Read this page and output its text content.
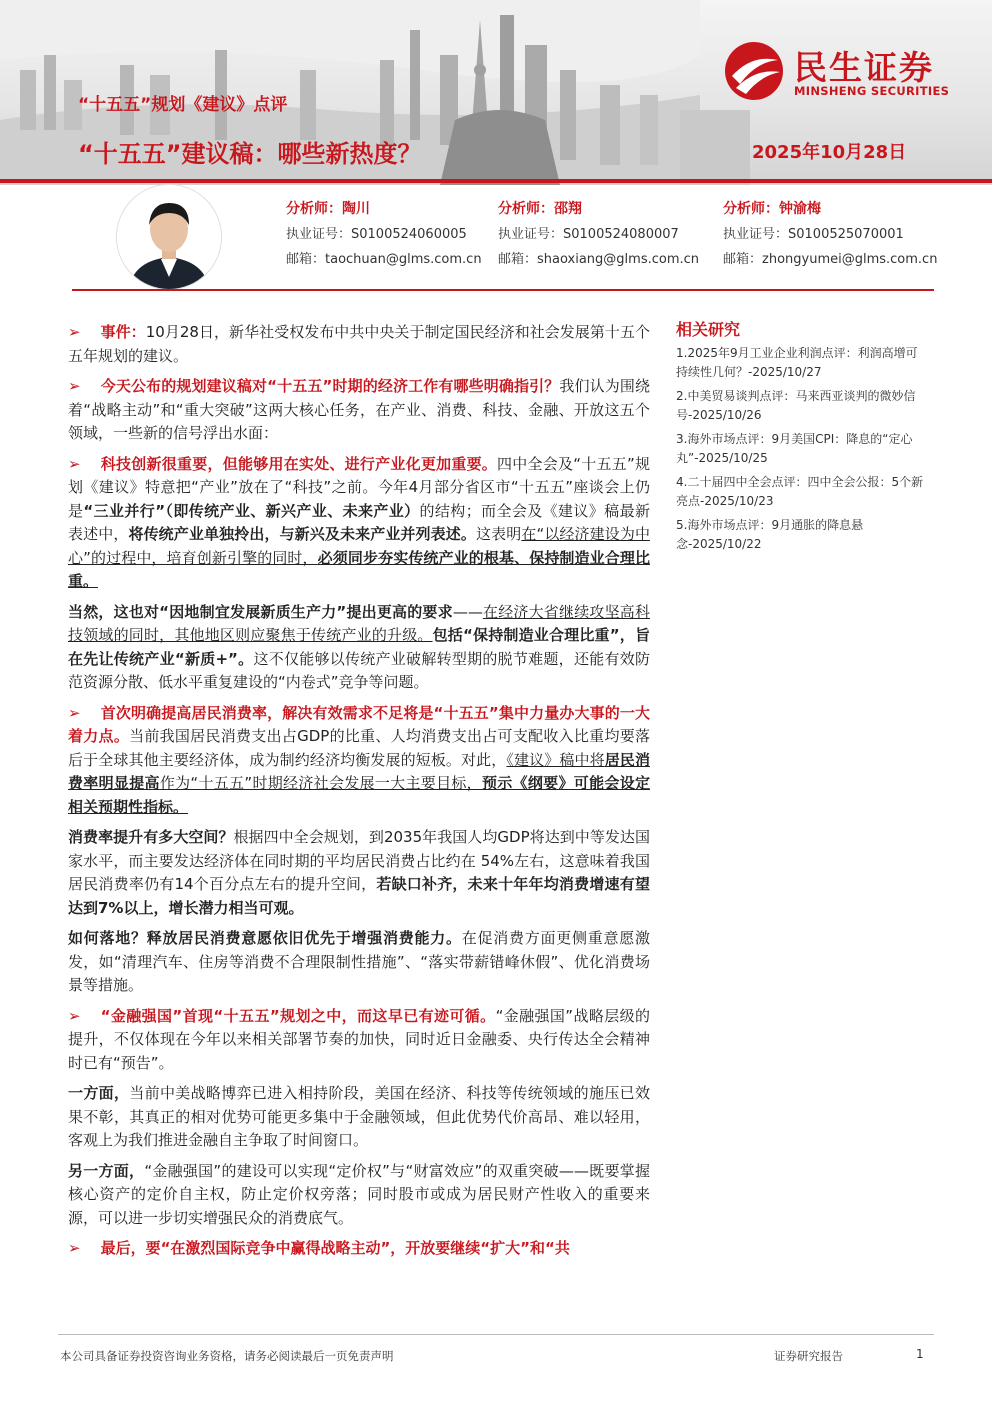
民生证券
MINSHENG SECURITIES
“十五五”规划《建议》点评
“十五五”建议稿：哪些新热度？	2025年10月28日
分析师：陶川
执业证号：S0100524060005
邮箱：taochuan@glms.com.cn
分析师：邵翔
执业证号：S0100524080007
邮箱：shaoxiang@glms.com.cn
分析师：钟渝梅
执业证号：S0100525070001
邮箱：zhongyumei@glms.com.cn

➢ 事件：10月28日，新华社受权发布中共中央关于制定国民经济和社会发展第十五个五年规划的建议。

➢ 今天公布的规划建议稿对“十五五”时期的经济工作有哪些明确指引？我们认为围绕着“战略主动”和“重大突破”这两大核心任务，在产业、消费、科技、金融、开放这五个领域，一些新的信号浮出水面：

➢ 科技创新很重要，但能够用在实处、进行产业化更加重要。四中全会及“十五五”规划《建议》特意把“产业”放在了“科技”之前。今年4月部分省区市“十五五”座谈会上仍是“三业并行”（即传统产业、新兴产业、未来产业）的结构；而全会及《建议》稿最新表述中，将传统产业单独拎出，与新兴及未来产业并列表述。这表明在“以经济建设为中心”的过程中，培育创新引擎的同时，必须同步夯实传统产业的根基、保持制造业合理比重。

当然，这也对“因地制宜发展新质生产力”提出更高的要求——在经济大省继续攻坚高科技领域的同时，其他地区则应聚焦于传统产业的升级。包括“保持制造业合理比重”，旨在先让传统产业“新质+”。这不仅能够以传统产业破解转型期的脱节难题，还能有效防范资源分散、低水平重复建设的“内卷式”竞争等问题。

➢ 首次明确提高居民消费率，解决有效需求不足将是“十五五”集中力量办大事的一大着力点。当前我国居民消费支出占GDP的比重、人均消费支出占可支配收入比重均要落后于全球其他主要经济体，成为制约经济均衡发展的短板。对此，《建议》稿中将居民消费率明显提高作为“十五五”时期经济社会发展一大主要目标，预示《纲要》可能会设定相关预期性指标。

消费率提升有多大空间？根据四中全会规划，到2035年我国人均GDP将达到中等发达国家水平，而主要发达经济体在同时期的平均居民消费占比约在 54%左右，这意味着我国居民消费率仍有14个百分点左右的提升空间，若缺口补齐，未来十年年均消费增速有望达到7%以上，增长潜力相当可观。

如何落地？释放居民消费意愿依旧优先于增强消费能力。在促消费方面更侧重意愿激发，如“清理汽车、住房等消费不合理限制性措施”、“落实带薪错峰休假”、优化消费场景等措施。

➢ “金融强国”首现“十五五”规划之中，而这早已有迹可循。“金融强国”战略层级的提升，不仅体现在今年以来相关部署节奏的加快，同时近日金融委、央行传达全会精神时已有“预告”。

一方面，当前中美战略博弈已进入相持阶段，美国在经济、科技等传统领域的施压已效果不彰，其真正的相对优势可能更多集中于金融领域，但此优势代价高昂、难以轻用，客观上为我们推进金融自主争取了时间窗口。

另一方面，“金融强国”的建设可以实现“定价权”与“财富效应”的双重突破——既要掌握核心资产的定价自主权，防止定价权旁落；同时股市或成为居民财产性收入的重要来源，可以进一步切实增强民众的消费底气。

➢ 最后，要“在激烈国际竞争中赢得战略主动”，开放要继续“扩大”和“共

相关研究
1.2025年9月工业企业利润点评：利润高增可持续性几何？-2025/10/27
2.中美贸易谈判点评：马来西亚谈判的微妙信号-2025/10/26
3.海外市场点评：9月美国CPI：降息的“定心丸”-2025/10/25
4.二十届四中全会点评：四中全会公报：5个新亮点-2025/10/23
5.海外市场点评：9月通胀的降息悬念-2025/10/22
本公司具备证券投资咨询业务资格，请务必阅读最后一页免责声明	证券研究报告	1
